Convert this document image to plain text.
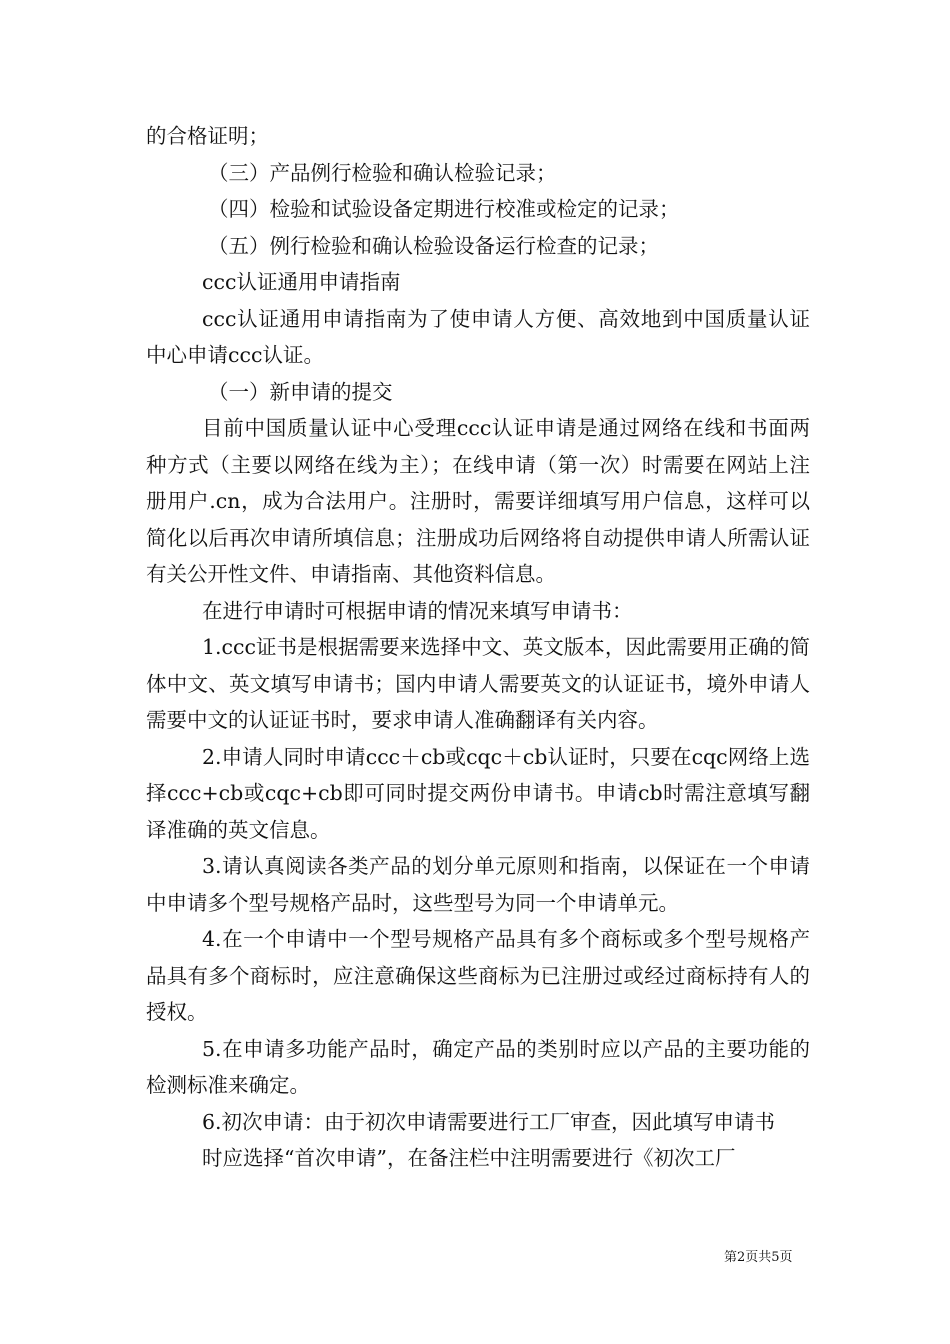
的合格证明；

（三）产品例行检验和确认检验记录；

（四）检验和试验设备定期进行校准或检定的记录；

（五）例行检验和确认检验设备运行检查的记录；

ccc认证通用申请指南

ccc认证通用申请指南为了使申请人方便、高效地到中国质量认证中心申请ccc认证。

（一）新申请的提交

目前中国质量认证中心受理ccc认证申请是通过网络在线和书面两种方式（主要以网络在线为主）；在线申请（第一次）时需要在网站上注册用户.cn，成为合法用户。注册时，需要详细填写用户信息，这样可以简化以后再次申请所填信息；注册成功后网络将自动提供申请人所需认证有关公开性文件、申请指南、其他资料信息。

在进行申请时可根据申请的情况来填写申请书：

1.ccc证书是根据需要来选择中文、英文版本，因此需要用正确的简体中文、英文填写申请书；国内申请人需要英文的认证证书，境外申请人需要中文的认证证书时，要求申请人准确翻译有关内容。

2.申请人同时申请ccc＋cb或cqc＋cb认证时，只要在cqc网络上选择ccc+cb或cqc+cb即可同时提交两份申请书。申请cb时需注意填写翻译准确的英文信息。

3.请认真阅读各类产品的划分单元原则和指南，以保证在一个申请中申请多个型号规格产品时，这些型号为同一个申请单元。

4.在一个申请中一个型号规格产品具有多个商标或多个型号规格产品具有多个商标时，应注意确保这些商标为已注册过或经过商标持有人的授权。

5.在申请多功能产品时，确定产品的类别时应以产品的主要功能的检测标准来确定。

6.初次申请：由于初次申请需要进行工厂审查，因此填写申请书

时应选择“首次申请”，在备注栏中注明需要进行《初次工厂

第2页共5页
